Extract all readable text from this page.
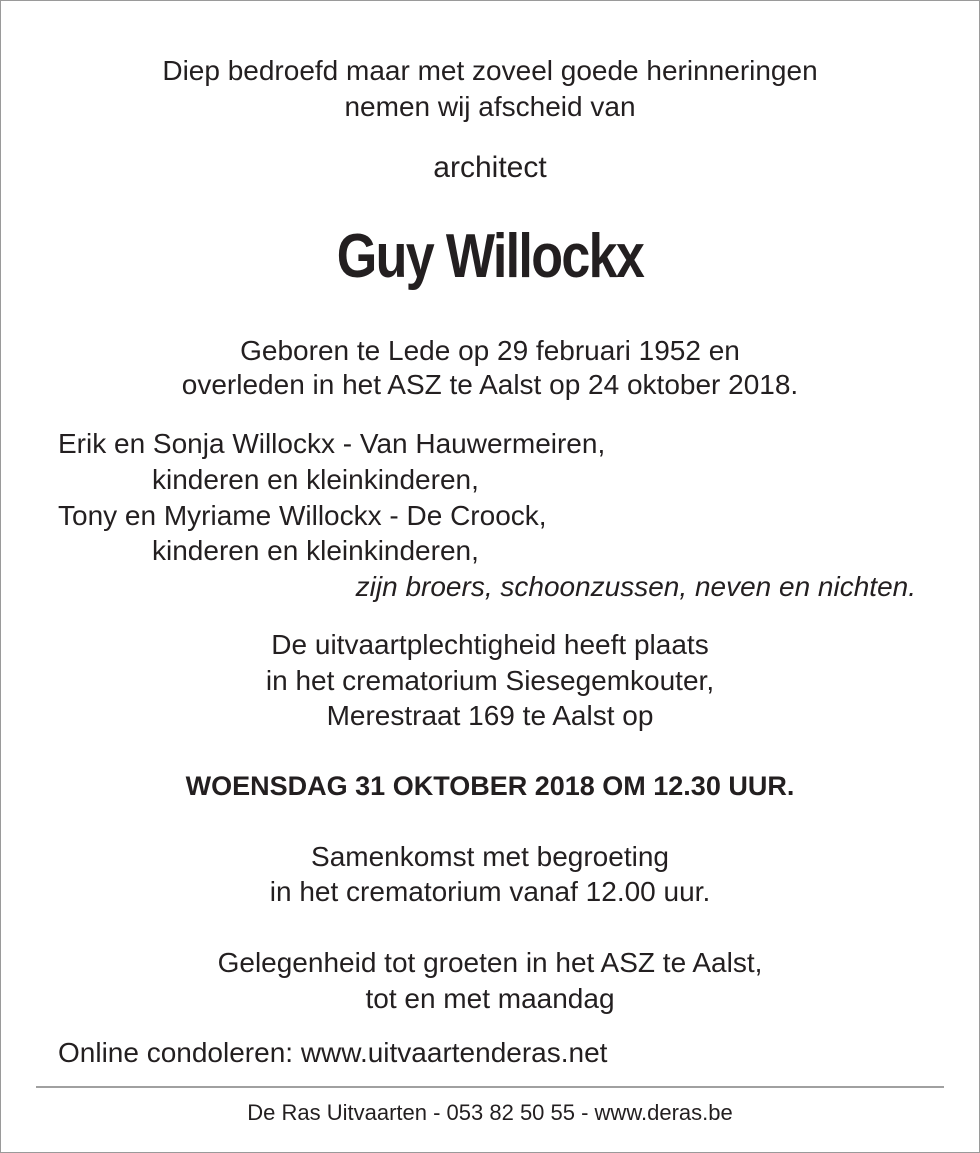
Diep bedroefd maar met zoveel goede herinneringen
nemen wij afscheid van
architect
Guy Willockx
Geboren te Lede op 29 februari 1952 en
overleden in het ASZ te Aalst op 24 oktober 2018.
Erik en Sonja Willockx - Van Hauwermeiren,
kinderen en kleinkinderen,
Tony en Myriame Willockx - De Croock,
kinderen en kleinkinderen,
zijn broers, schoonzussen, neven en nichten.
De uitvaartplechtigheid heeft plaats
in het crematorium Siesegemkouter,
Merestraat 169 te Aalst op
WOENSDAG 31 OKTOBER 2018 OM 12.30 UUR.
Samenkomst met begroeting
in het crematorium vanaf 12.00 uur.
Gelegenheid tot groeten in het ASZ te Aalst,
tot en met maandag
Online condoleren: www.uitvaartenderas.net
De Ras Uitvaarten - 053 82 50 55 - www.deras.be
